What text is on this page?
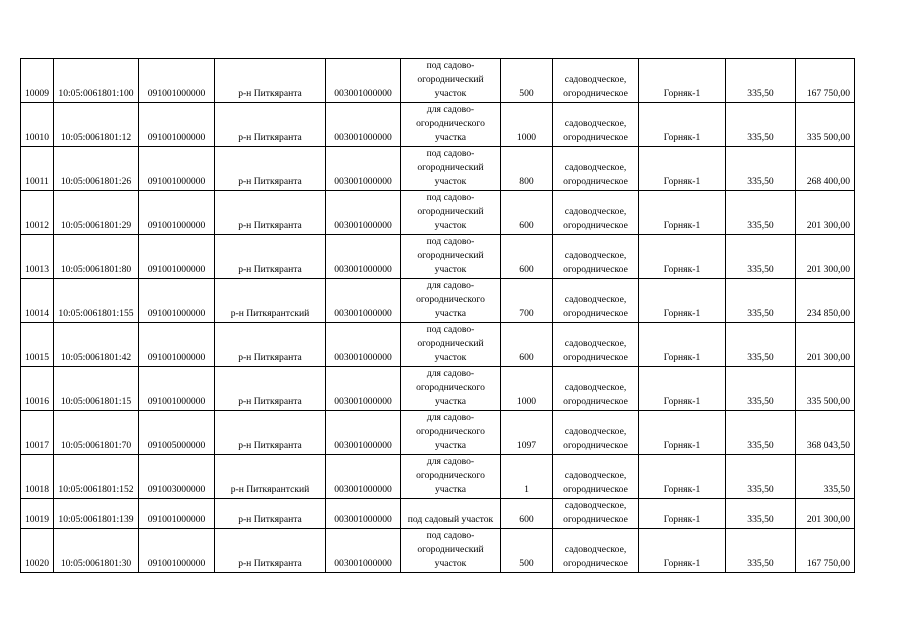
10009	10:05:0061801:100	091001000000	р-н Питкяранта	003001000000	под садово-огороднический участок	500	садоводческое, огородническое	Горняк-1	335,50	167 750,00
10010	10:05:0061801:12	091001000000	р-н Питкяранта	003001000000	для садово-огороднического участка	1000	садоводческое, огородническое	Горняк-1	335,50	335 500,00
10011	10:05:0061801:26	091001000000	р-н Питкяранта	003001000000	под садово-огороднический участок	800	садоводческое, огородническое	Горняк-1	335,50	268 400,00
10012	10:05:0061801:29	091001000000	р-н Питкяранта	003001000000	под садово-огороднический участок	600	садоводческое, огородническое	Горняк-1	335,50	201 300,00
10013	10:05:0061801:80	091001000000	р-н Питкяранта	003001000000	под садово-огороднический участок	600	садоводческое, огородническое	Горняк-1	335,50	201 300,00
10014	10:05:0061801:155	091001000000	р-н Питкярантский	003001000000	для садово-огороднического участка	700	садоводческое, огородническое	Горняк-1	335,50	234 850,00
10015	10:05:0061801:42	091001000000	р-н Питкяранта	003001000000	под садово-огороднический участок	600	садоводческое, огородническое	Горняк-1	335,50	201 300,00
10016	10:05:0061801:15	091001000000	р-н Питкяранта	003001000000	для садово-огороднического участка	1000	садоводческое, огородническое	Горняк-1	335,50	335 500,00
10017	10:05:0061801:70	091005000000	р-н Питкяранта	003001000000	для садово-огороднического участка	1097	садоводческое, огородническое	Горняк-1	335,50	368 043,50
10018	10:05:0061801:152	091003000000	р-н Питкярантский	003001000000	для садово-огороднического участка	1	садоводческое, огородническое	Горняк-1	335,50	335,50
10019	10:05:0061801:139	091001000000	р-н Питкяранта	003001000000	под садовый участок	600	садоводческое, огородническое	Горняк-1	335,50	201 300,00
10020	10:05:0061801:30	091001000000	р-н Питкяранта	003001000000	под садово-огороднический участок	500	садоводческое, огородническое	Горняк-1	335,50	167 750,00
